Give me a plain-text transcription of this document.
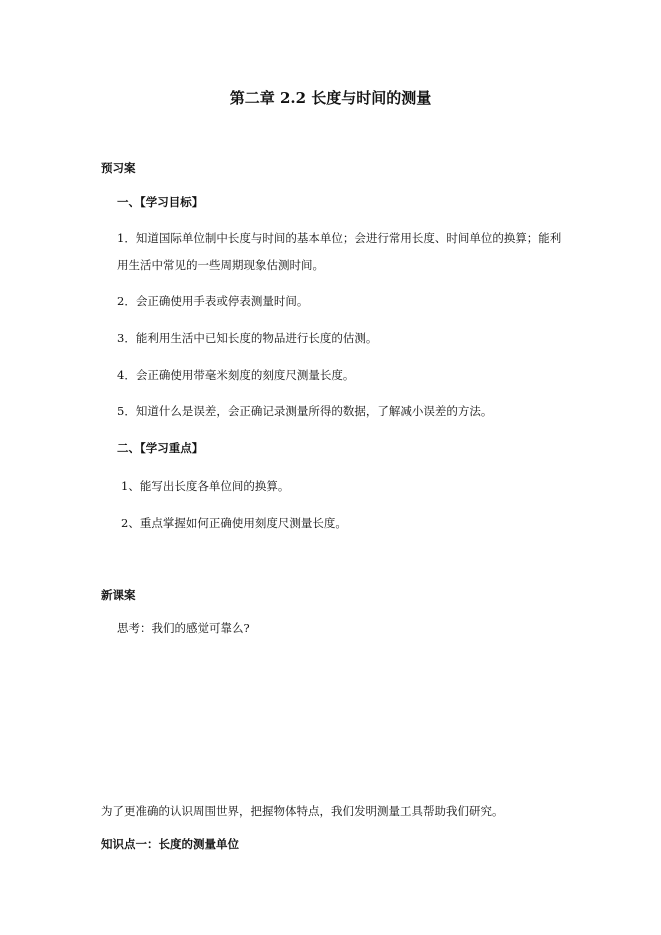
第二章 2.2 长度与时间的测量
预习案
一、【学习目标】
1．知道国际单位制中长度与时间的基本单位；会进行常用长度、时间单位的换算；能利
用生活中常见的一些周期现象估测时间。
2．会正确使用手表或停表测量时间。
3．能利用生活中已知长度的物品进行长度的估测。
4．会正确使用带毫米刻度的刻度尺测量长度。
5．知道什么是误差，会正确记录测量所得的数据，了解减小误差的方法。
二、【学习重点】
1、能写出长度各单位间的换算。
2、重点掌握如何正确使用刻度尺测量长度。
新课案
思考：我们的感觉可靠么?
为了更准确的认识周围世界，把握物体特点，我们发明测量工具帮助我们研究。
知识点一：长度的测量单位
